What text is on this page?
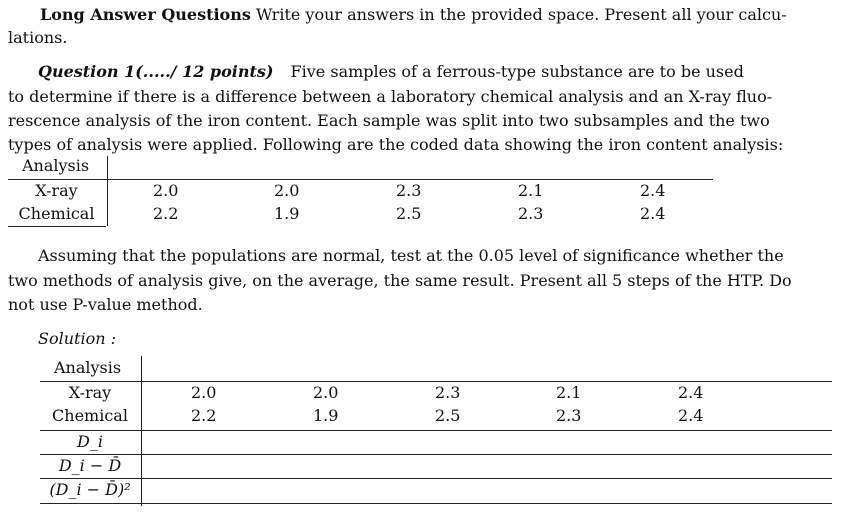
Long Answer Questions Write your answers in the provided space. Present all your calcu-
lations.
Question 1(...../ 12 points) Five samples of a ferrous-type substance are to be used
to determine if there is a difference between a laboratory chemical analysis and an X-ray fluo-
rescence analysis of the iron content. Each sample was split into two subsamples and the two
types of analysis were applied. Following are the coded data showing the iron content analysis:
Analysis
X-ray	2.0	2.0	2.3	2.1	2.4
Chemical	2.2	1.9	2.5	2.3	2.4
Assuming that the populations are normal, test at the 0.05 level of significance whether the
two methods of analysis give, on the average, the same result. Present all 5 steps of the HTP. Do
not use P-value method.
Solution :
Analysis
X-ray	2.0	2.0	2.3	2.1	2.4
Chemical	2.2	1.9	2.5	2.3	2.4
D_i
D_i − D̄
(D_i − D̄)²
